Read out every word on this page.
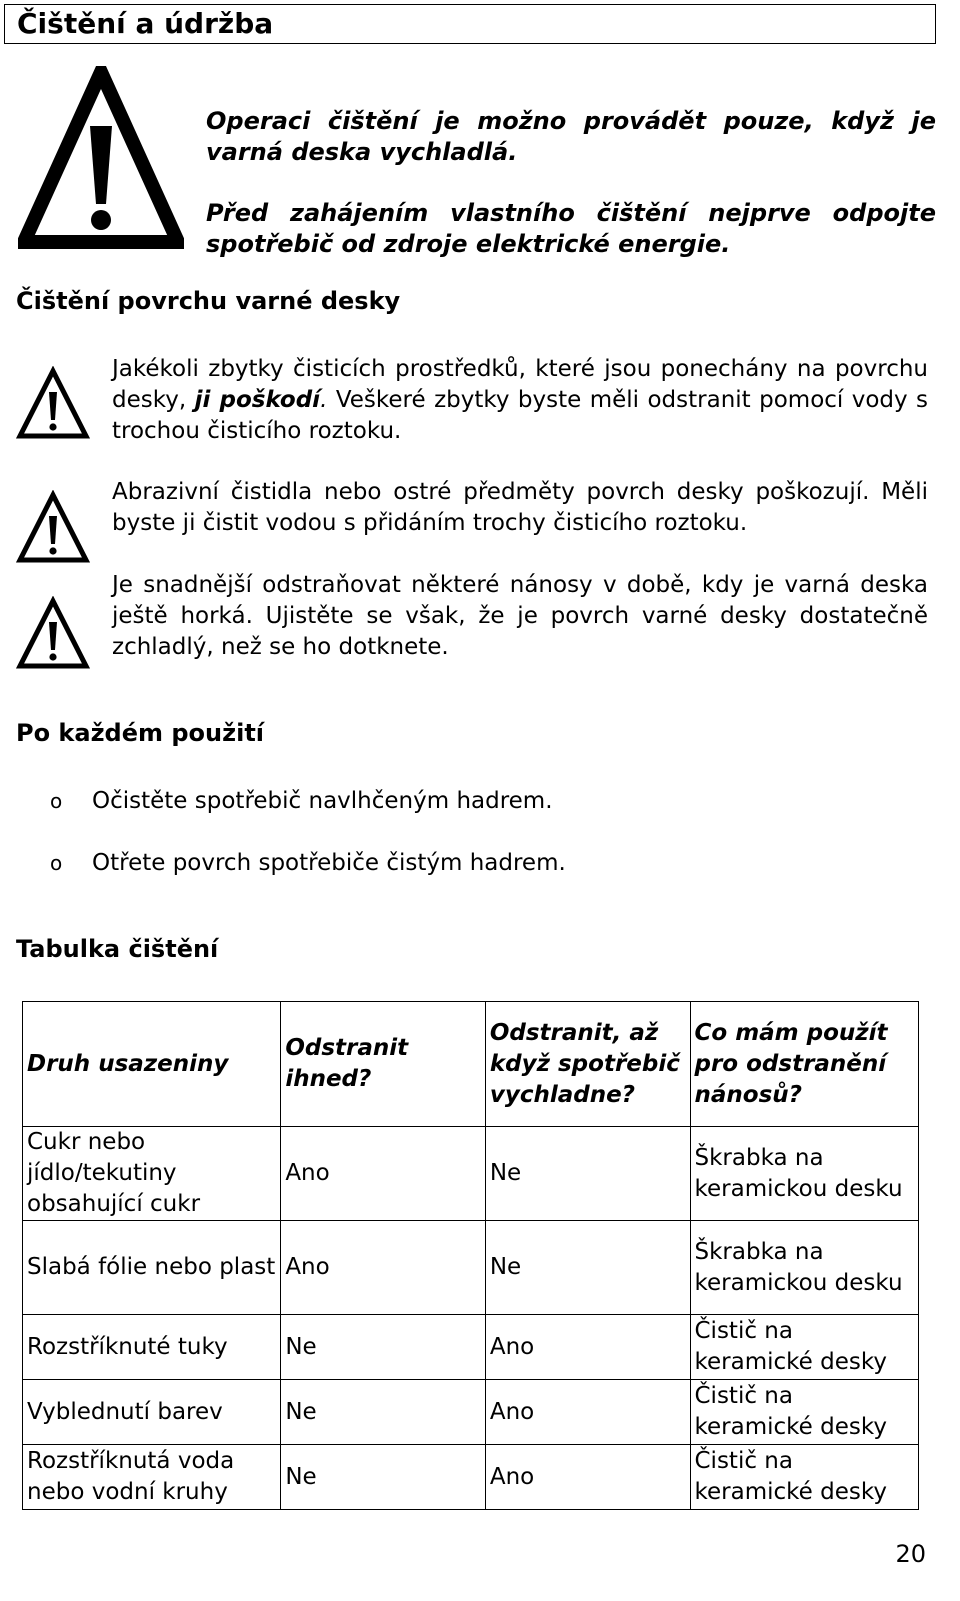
Čištění a údržba

Operaci čištění je možno provádět pouze, když je varná deska vychladlá.

Před zahájením vlastního čištění nejprve odpojte spotřebič od zdroje elektrické energie.

Čištění povrchu varné desky

Jakékoli zbytky čisticích prostředků, které jsou ponechány na povrchu desky, ji poškodí. Veškeré zbytky byste měli odstranit pomocí vody s trochou čisticího roztoku.

Abrazivní čistidla nebo ostré předměty povrch desky poškozují. Měli byste ji čistit vodou s přidáním trochy čisticího roztoku.

Je snadnější odstraňovat některé nánosy v době, kdy je varná deska ještě horká. Ujistěte se však, že je povrch varné desky dostatečně zchladlý, než se ho dotknete.

Po každém použití

o Očistěte spotřebič navlhčeným hadrem.

o Otřete povrch spotřebiče čistým hadrem.

Tabulka čištění
Druh usazeniny	Odstranit ihned?	Odstranit, až když spotřebič vychladne?	Co mám použít pro odstranění nánosů?
Cukr nebo jídlo/tekutiny obsahující cukr	Ano	Ne	Škrabka na keramickou desku
Slabá fólie nebo plast	Ano	Ne	Škrabka na keramickou desku
Rozstříknuté tuky	Ne	Ano	Čistič na keramické desky
Vyblednutí barev	Ne	Ano	Čistič na keramické desky
Rozstříknutá voda nebo vodní kruhy	Ne	Ano	Čistič na keramické desky
20
